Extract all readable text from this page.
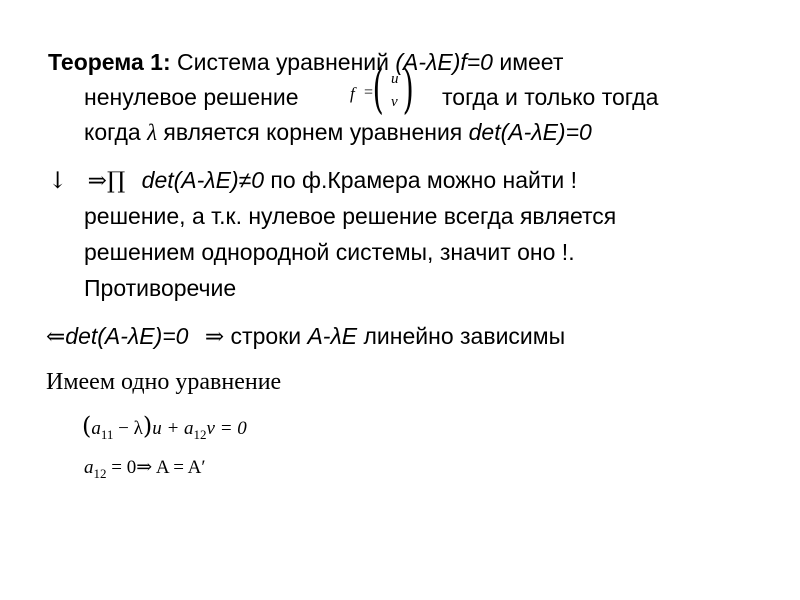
Теорема 1: Система уравнений (A-λE)f=0 имеет
ненулевое решение	f = ( u
v ) тогда и только тогда
когда λ является корнем уравнения det(A-λE)=0
↓ ⇒∏ det(A-λE)≠0 по ф.Крамера можно найти !
решение, а т.к. нулевое решение всегда является
решением однородной системы, значит оно !.
Противоречие
⇐det(A-λE)=0 ⇒ строки A-λE линейно зависимы
Имеем одно уравнение
$(a_{11} - \lambda)u + a_{12}v = 0$
$a_{12}$ = 0⇒ A = A′
